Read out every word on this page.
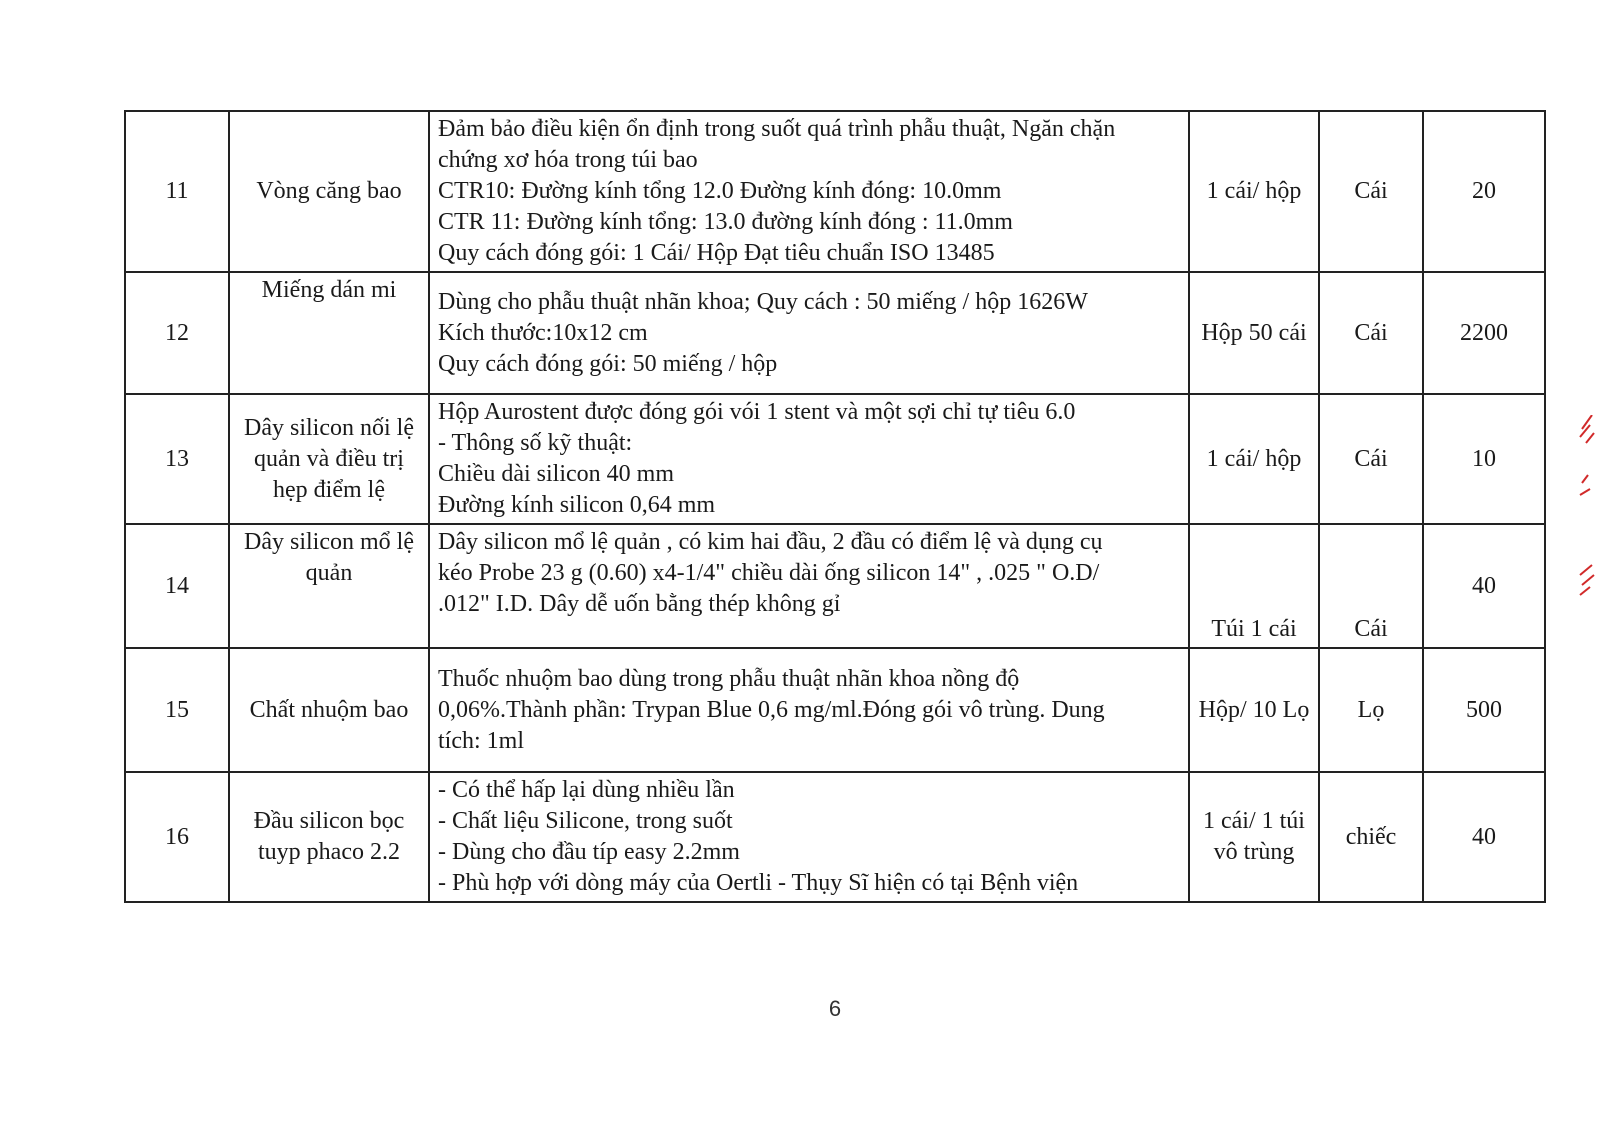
11	Vòng căng bao	Đảm bảo điều kiện ổn định trong suốt quá trình phẫu thuật, Ngăn chặn
chứng xơ hóa trong túi bao
CTR10: Đường kính tổng 12.0 Đường kính đóng: 10.0mm
CTR 11: Đường kính tổng: 13.0 đường kính đóng : 11.0mm
Quy cách đóng gói: 1 Cái/ Hộp Đạt tiêu chuẩn ISO 13485	1 cái/ hộp	Cái	20
12	Miếng dán mi	Dùng cho phẫu thuật nhãn khoa; Quy cách : 50 miếng / hộp 1626W
Kích thước:10x12 cm
Quy cách đóng gói: 50 miếng / hộp	Hộp 50 cái	Cái	2200
13	Dây silicon nối lệ quản và điều trị hẹp điểm lệ	Hộp Aurostent được đóng gói vói 1 stent và một sợi chỉ tự tiêu 6.0
- Thông số kỹ thuật:
Chiều dài silicon 40 mm
Đường kính silicon 0,64 mm	1 cái/ hộp	Cái	10
14	Dây silicon mổ lệ quản	Dây silicon mổ lệ quản , có kim hai đầu, 2 đầu có điểm lệ và dụng cụ
kéo Probe 23 g (0.60) x4-1/4" chiều dài ống silicon 14" , .025 " O.D/
.012" I.D. Dây dễ uốn bằng thép không gỉ	Túi 1 cái	Cái	40
15	Chất nhuộm bao	Thuốc nhuộm bao dùng trong phẫu thuật nhãn khoa nồng độ
0,06%.Thành phần: Trypan Blue 0,6 mg/ml.Đóng gói vô trùng. Dung
tích: 1ml	Hộp/ 10 Lọ	Lọ	500
16	Đầu silicon bọc tuyp phaco 2.2	- Có thể hấp lại dùng nhiều lần
- Chất liệu Silicone, trong suốt
- Dùng cho đầu típ easy 2.2mm
- Phù hợp với dòng máy của Oertli - Thụy Sĩ hiện có tại Bệnh viện	1 cái/ 1 túi vô trùng	chiếc	40
6
